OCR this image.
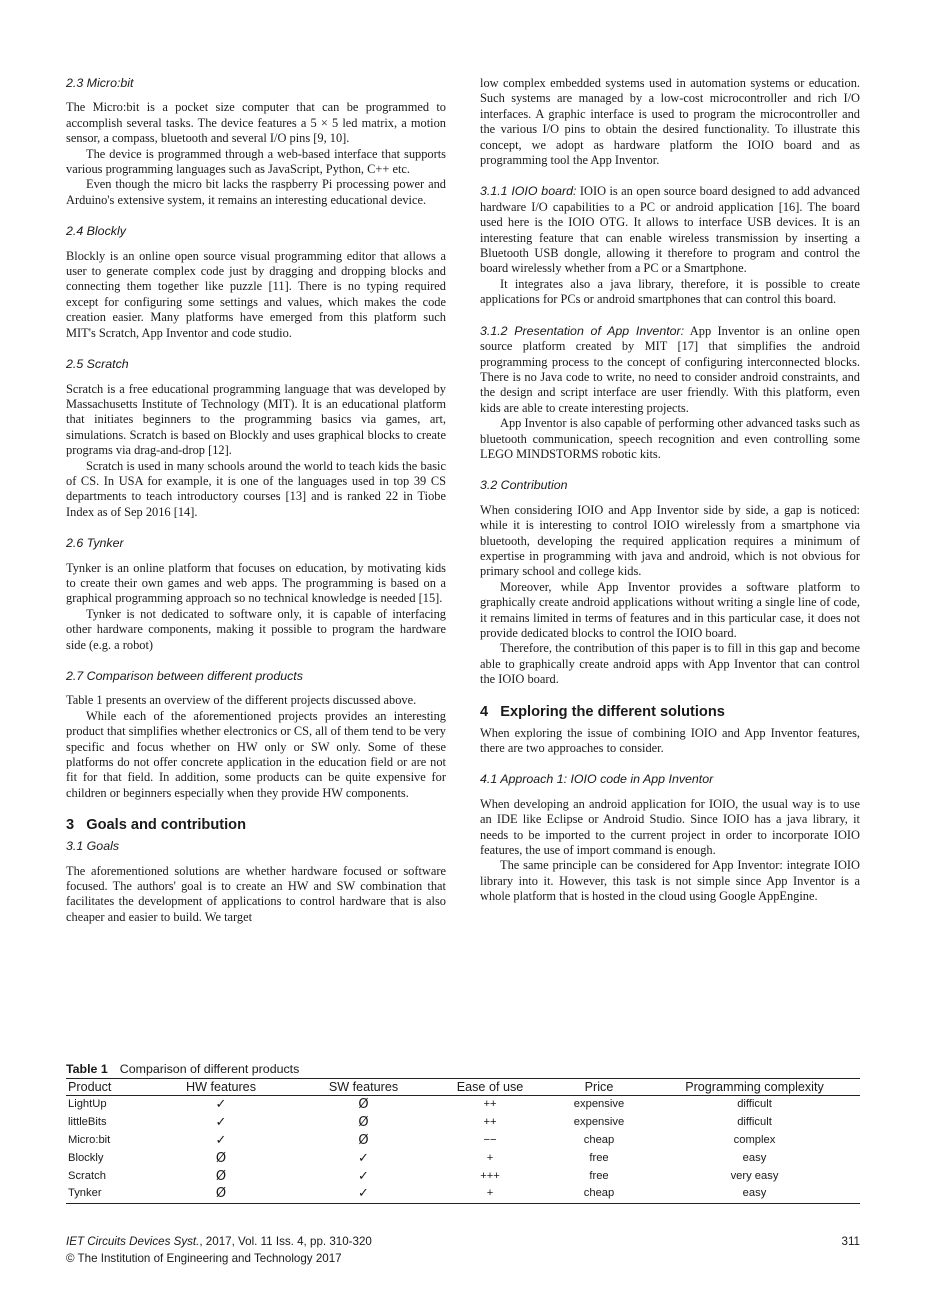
2.3 Micro:bit

The Micro:bit is a pocket size computer that can be programmed to accomplish several tasks. The device features a 5 × 5 led matrix, a motion sensor, a compass, bluetooth and several I/O pins [9, 10].

The device is programmed through a web-based interface that supports various programming languages such as JavaScript, Python, C++ etc.

Even though the micro bit lacks the raspberry Pi processing power and Arduino's extensive system, it remains an interesting educational device.

2.4 Blockly

Blockly is an online open source visual programming editor that allows a user to generate complex code just by dragging and dropping blocks and connecting them together like puzzle [11]. There is no typing required except for configuring some settings and values, which makes the code creation easier. Many platforms have emerged from this platform such MIT's Scratch, App Inventor and code studio.

2.5 Scratch

Scratch is a free educational programming language that was developed by Massachusetts Institute of Technology (MIT). It is an educational platform that initiates beginners to the programming basics via games, art, simulations. Scratch is based on Blockly and uses graphical blocks to create programs via drag-and-drop [12].

Scratch is used in many schools around the world to teach kids the basic of CS. In USA for example, it is one of the languages used in top 39 CS departments to teach introductory courses [13] and is ranked 22 in Tiobe Index as of Sep 2016 [14].

2.6 Tynker

Tynker is an online platform that focuses on education, by motivating kids to create their own games and web apps. The programming is based on a graphical programming approach so no technical knowledge is needed [15].

Tynker is not dedicated to software only, it is capable of interfacing other hardware components, making it possible to program the hardware side (e.g. a robot)

2.7 Comparison between different products

Table 1 presents an overview of the different projects discussed above.

While each of the aforementioned projects provides an interesting product that simplifies whether electronics or CS, all of them tend to be very specific and focus whether on HW only or SW only. Some of these platforms do not offer concrete application in the education field or are not fit for that field. In addition, some products can be quite expensive for children or beginners especially when they provide HW components.

3   Goals and contribution
3.1 Goals

The aforementioned solutions are whether hardware focused or software focused. The authors' goal is to create an HW and SW combination that facilitates the development of applications to control hardware that is also cheaper and easier to build. We target

low complex embedded systems used in automation systems or education. Such systems are managed by a low-cost microcontroller and rich I/O interfaces. A graphic interface is used to program the microcontroller and the various I/O pins to obtain the desired functionality. To illustrate this concept, we adopt as hardware platform the IOIO board and as programming tool the App Inventor.

3.1.1 IOIO board: IOIO is an open source board designed to add advanced hardware I/O capabilities to a PC or android application [16]. The board used here is the IOIO OTG. It allows to interface USB devices. It is an interesting feature that can enable wireless transmission by inserting a Bluetooth USB dongle, allowing it therefore to program and control the board wirelessly whether from a PC or a Smartphone.

It integrates also a java library, therefore, it is possible to create applications for PCs or android smartphones that can control this board.

3.1.2 Presentation of App Inventor: App Inventor is an online open source platform created by MIT [17] that simplifies the android programming process to the concept of configuring interconnected blocks. There is no Java code to write, no need to consider android constraints, and the design and script interface are user friendly. With this platform, even kids are able to create interesting projects.

App Inventor is also capable of performing other advanced tasks such as bluetooth communication, speech recognition and even controlling some LEGO MINDSTORMS robotic kits.

3.2 Contribution

When considering IOIO and App Inventor side by side, a gap is noticed: while it is interesting to control IOIO wirelessly from a smartphone via bluetooth, developing the required application requires a minimum of expertise in programming with java and android, which is not obvious for primary school and college kids.

Moreover, while App Inventor provides a software platform to graphically create android applications without writing a single line of code, it remains limited in terms of features and in this particular case, it does not provide dedicated blocks to control the IOIO board.

Therefore, the contribution of this paper is to fill in this gap and become able to graphically create android apps with App Inventor that can control the IOIO board.

4   Exploring the different solutions

When exploring the issue of combining IOIO and App Inventor features, there are two approaches to consider.

4.1 Approach 1: IOIO code in App Inventor

When developing an android application for IOIO, the usual way is to use an IDE like Eclipse or Android Studio. Since IOIO has a java library, it needs to be imported to the current project in order to incorporate IOIO features, the use of import command is enough.

The same principle can be considered for App Inventor: integrate IOIO library into it. However, this task is not simple since App Inventor is a whole platform that is hosted in the cloud using Google AppEngine.

Table 1 Comparison of different products
Product	HW features	SW features	Ease of use	Price	Programming complexity
LightUp	✓	Ø	++	expensive	difficult
littleBits	✓	Ø	++	expensive	difficult
Micro:bit	✓	Ø	−−	cheap	complex
Blockly	Ø	✓	+	free	easy
Scratch	Ø	✓	+++	free	very easy
Tynker	Ø	✓	+	cheap	easy
IET Circuits Devices Syst., 2017, Vol. 11 Iss. 4, pp. 310-320
© The Institution of Engineering and Technology 2017
311
